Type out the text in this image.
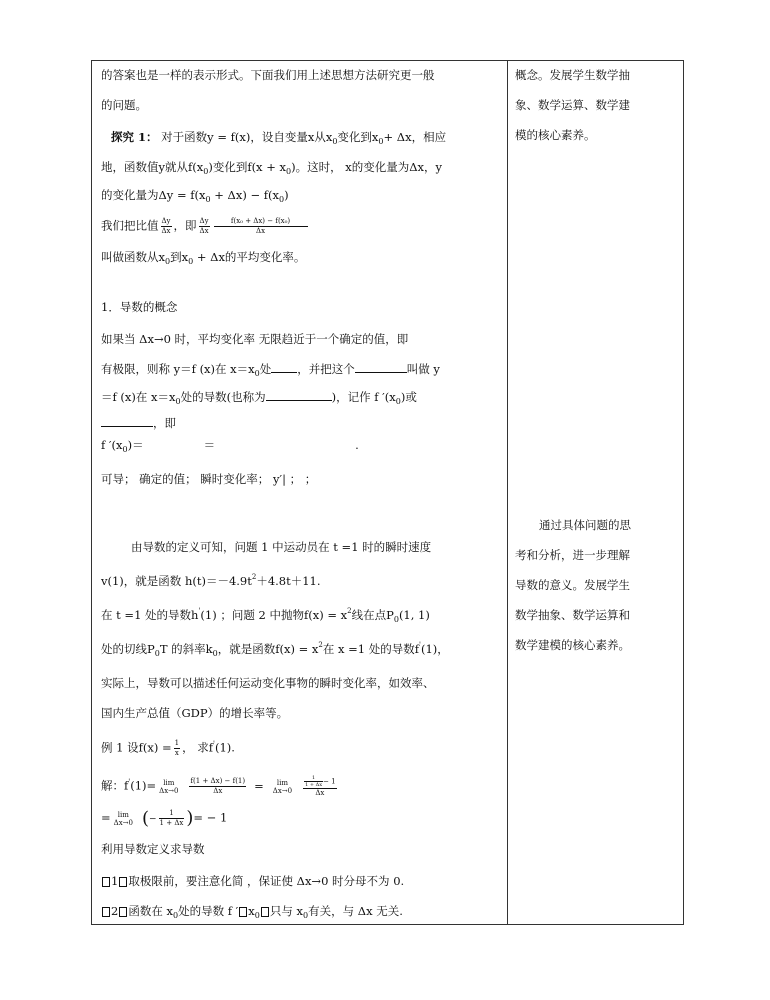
的答案也是一样的表示形式。下面我们用上述思想方法研究更一般
的问题。
探究 1： 对于函数y = f(x)，设自变量x从$x_0$变化到$x_0+ \Delta x$，相应
地，函数值y就从$f(x_0)$变化到$f(x + x_0)$。这时， x的变化量为Δx，y
的变化量为$\Delta y = f(x_0 + \Delta x) - f(x_0)$
我们把比值 $\frac{\Delta y}{\Delta x}$ ，即 $\frac{\Delta y}{\Delta x} \frac{\text{f(x₀ + Δx) − f(x₀)}}{\Delta x}$
叫做函数从$x_0$到$x_0 + \Delta x$的平均变化率。
1．导数的概念
如果当 Δx→0 时，平均变化率 无限趋近于一个确定的值，即
有极限，则称 y＝f (x)在 $x=x_0$处 ，并把这个	叫做 y
＝f (x)在 $x=x_0$处的导数(也称为	)，记作 f $'(x_0)$或
，即
f $'(x_0)=$	＝	.
可导； 确定的值； 瞬时变化率； y′| ； ；
由导数的定义可知，问题 1 中运动员在 t =1 时的瞬时速度
v(1)，就是函数 $h(t)=-4.9t^2+4.8t+11$.
在 t =1 处的导数h'(1) ；问题 2 中抛物$f(x) = x^2$线在点$P_0(1$, 1)
处的切线$P_0T$ 的斜率$k_0$，就是函数$f(x) = x^2$在 x =1 处的导数f'(1)，
实际上，导数可以描述任何运动变化事物的瞬时变化率，如效率、
国内生产总值（GDP）的增长率等。
例 1 设$f(x) = \frac{1}{x}$ ， 求f'(1).
解：f'(1)=	lim
$\Delta x\to 0 \frac{f(1 + \Delta x) - f(1)}{\Delta x}$ =	lim
$\Delta x\to 0 \frac{\frac{1}{1 + \Delta x} - 1}{\Delta x}$
=	lim
Δx→0 (− $\frac{1}{1 + \Delta x}$ )= − 1
利用导数定义求导数
1 取极限前，要注意化简 ，保证使 Δx→0 时分母不为 0.
2 函数在 $x_0$处的导数 f ′ $x_0$ 只与 $x_0$有关，与 Δx 无关.
概念。发展学生数学抽
象、数学运算、数学建
模的核心素养。
通过具体问题的思
考和分析，进一步理解
导数的意义。发展学生
数学抽象、数学运算和
数学建模的核心素养。
